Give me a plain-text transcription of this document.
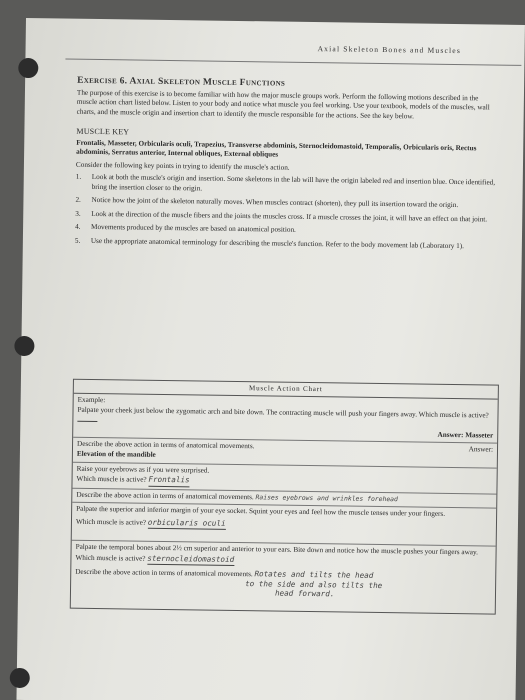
Axial Skeleton Bones and Muscles
Exercise 6. Axial Skeleton Muscle Functions
The purpose of this exercise is to become familiar with how the major muscle groups work. Perform the following motions described in the muscle action chart listed below. Listen to your body and notice what muscle you feel working. Use your textbook, models of the muscles, wall charts, and the muscle origin and insertion chart to identify the muscle responsible for the actions. See the key below.
MUSCLE KEY
Frontalis, Masseter, Orbicularis oculi, Trapezius, Transverse abdominis, Sternocleidomastoid, Temporalis, Orbicularis oris, Rectus abdominis, Serratus anterior, Internal obliques, External obliques
Consider the following key points in trying to identify the muscle's action.
1.	Look at both the muscle's origin and insertion. Some skeletons in the lab will have the origin labeled red and insertion blue. Once identified, bring the insertion closer to the origin.
2.	Notice how the joint of the skeleton naturally moves. When muscles contract (shorten), they pull its insertion toward the origin.
3.	Look at the direction of the muscle fibers and the joints the muscles cross. If a muscle crosses the joint, it will have an effect on that joint.
4.	Movements produced by the muscles are based on anatomical position.
5.	Use the appropriate anatomical terminology for describing the muscle's function. Refer to the body movement lab (Laboratory 1).
Muscle Action Chart
Example:
Palpate your cheek just below the zygomatic arch and bite down. The contracting muscle will push your fingers away. Which muscle is active?
Answer: Masseter
Describe the above action in terms of anatomical movements.	Answer:
Elevation of the mandible
Raise your eyebrows as if you were surprised.
Which muscle is active? Frontalis
Describe the above action in terms of anatomical movements. Raises eyebrows and wrinkles forehead
Palpate the superior and inferior margin of your eye socket. Squint your eyes and feel how the muscle tenses under your fingers.
Which muscle is active? orbicularis oculi
Palpate the temporal bones about 2½ cm superior and anterior to your ears. Bite down and notice how the muscle pushes your fingers away. Which muscle is active? sternocleidomastoid
Describe the above action in terms of anatomical movements. Rotates and tilts the head
to the side and also tilts the
head forward.
